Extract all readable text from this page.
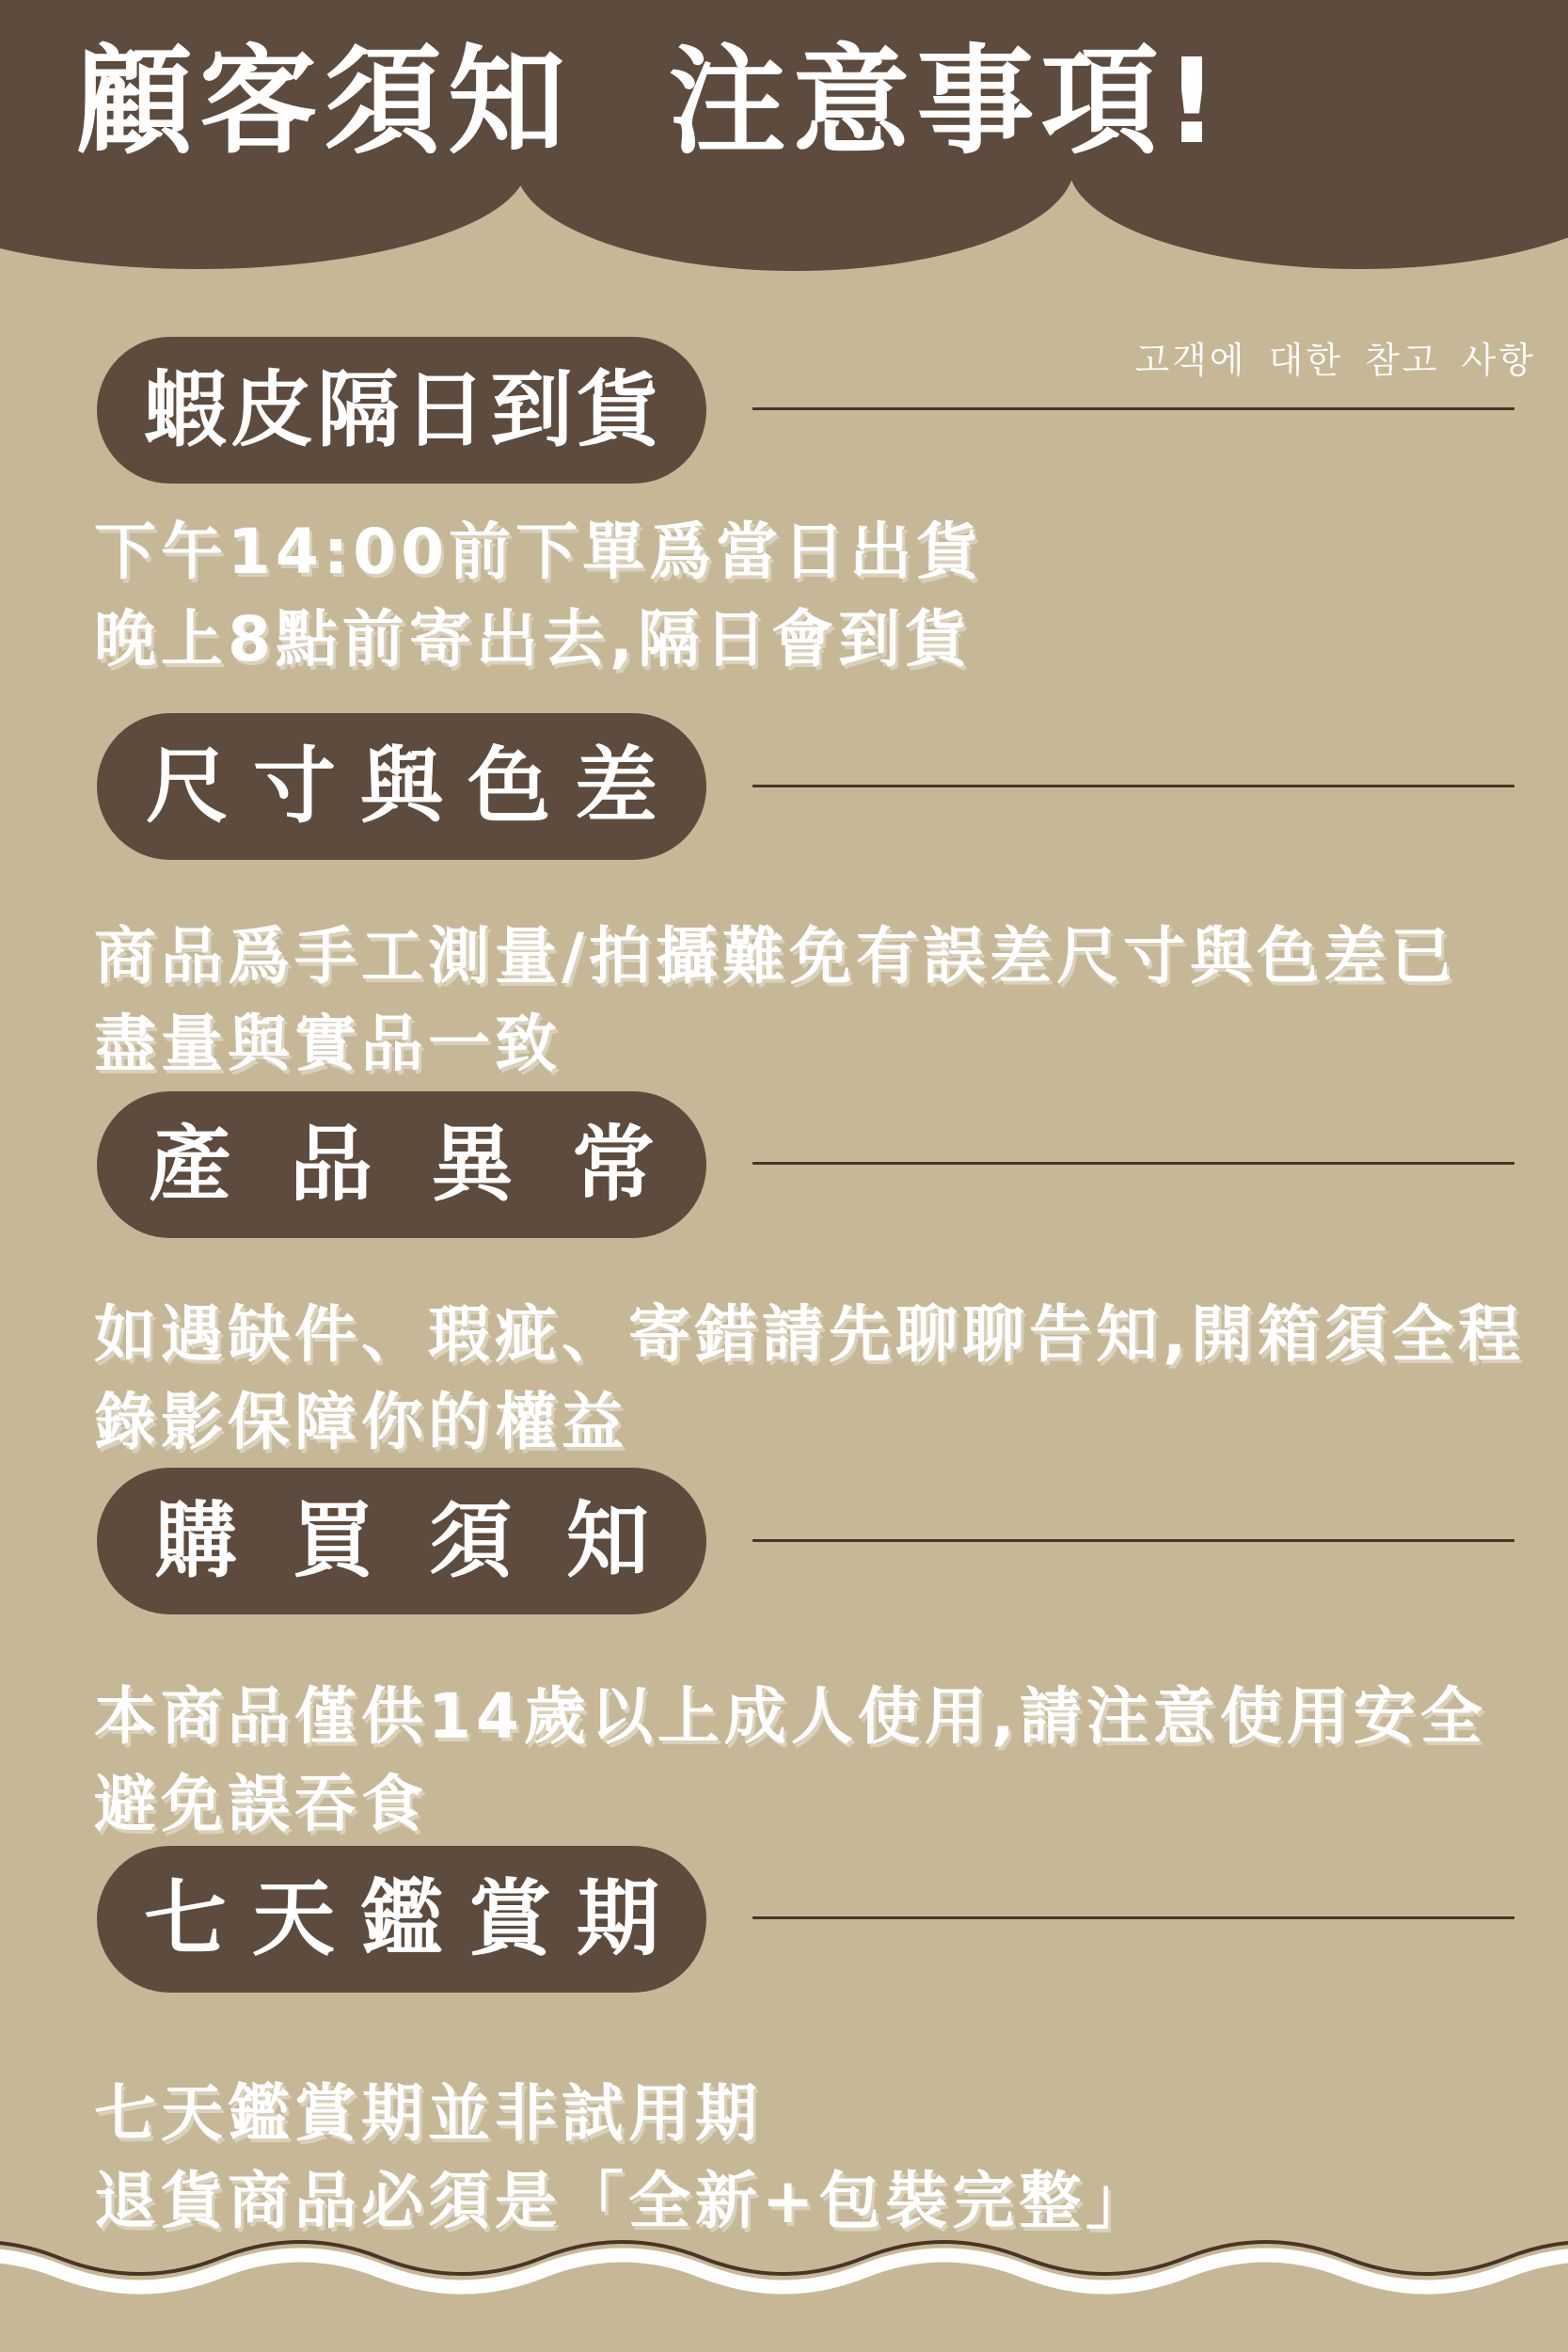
顧客須知 注意事項!
고객에 대한 참고 사항
蝦皮隔日到貨
下午14:00前下單爲當日出貨
晚上8點前寄出去,隔日會到貨
尺寸與色差
商品爲手工測量/拍攝難免有誤差尺寸與色差已
盡量與實品一致
產品異常
如遇缺件、瑕疵、寄錯請先聊聊告知,開箱須全程
錄影保障你的權益
購買須知
本商品僅供14歲以上成人使用,請注意使用安全
避免誤吞食
七天鑑賞期
七天鑑賞期並非試用期
退貨商品必須是「全新+包裝完整」
